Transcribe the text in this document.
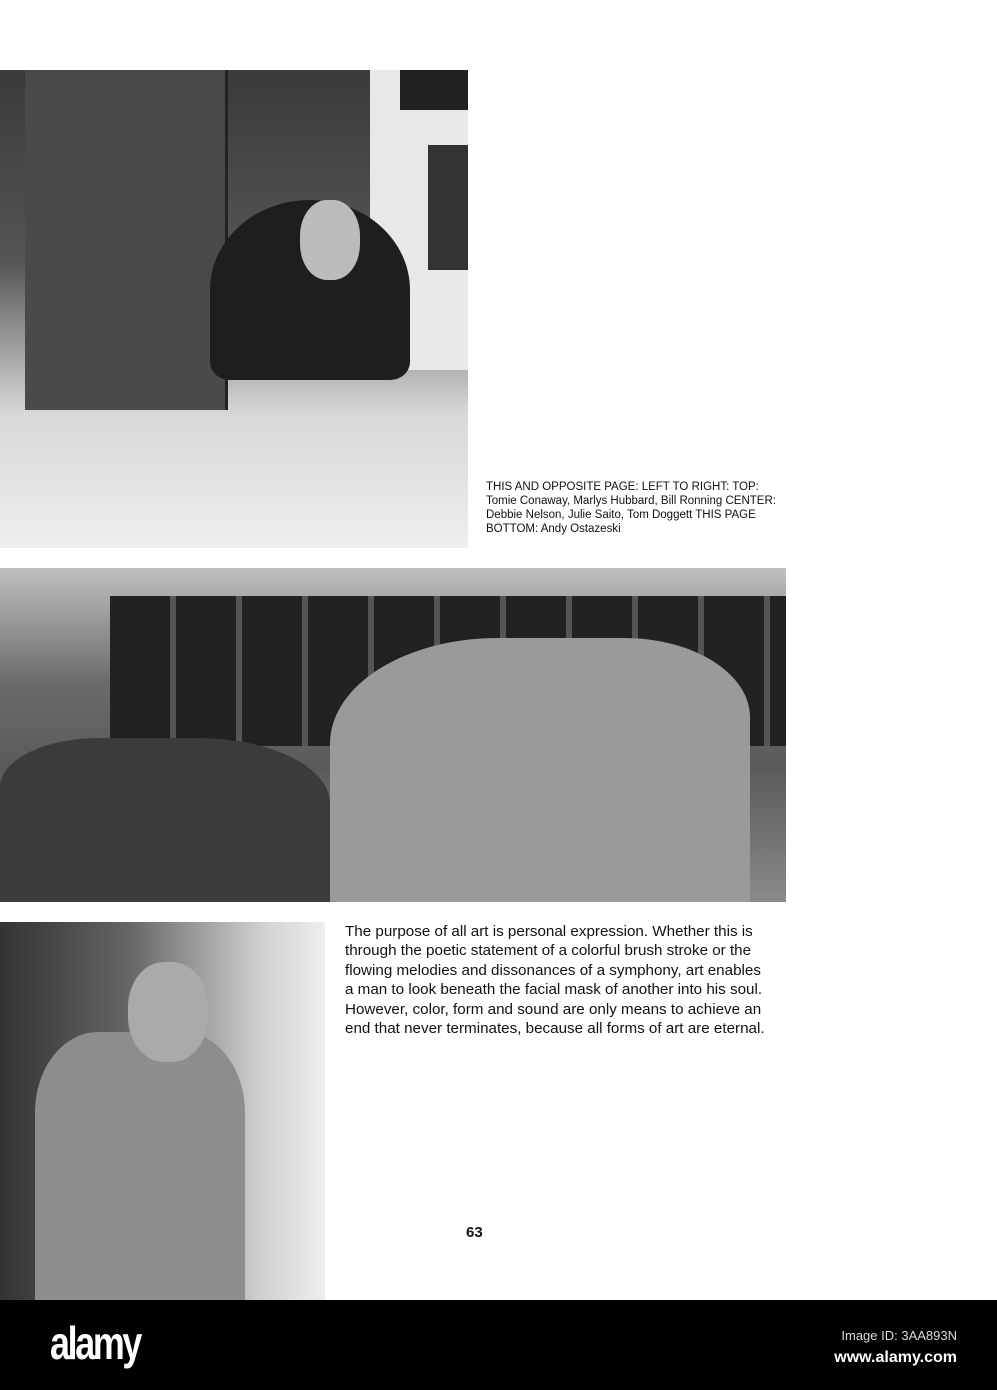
THIS AND OPPOSITE PAGE: LEFT TO RIGHT: TOP: Tomie Conaway, Marlys Hubbard, Bill Ronning CENTER: Debbie Nelson, Julie Saito, Tom Doggett THIS PAGE BOTTOM: Andy Ostazeski
The purpose of all art is personal expression. Whether this is through the poetic statement of a colorful brush stroke or the flowing melodies and dissonances of a symphony, art enables a man to look beneath the facial mask of another into his soul. However, color, form and sound are only means to achieve an end that never terminates, because all forms of art are eternal.
63
alamy	Image ID: 3AA893N
www.alamy.com
